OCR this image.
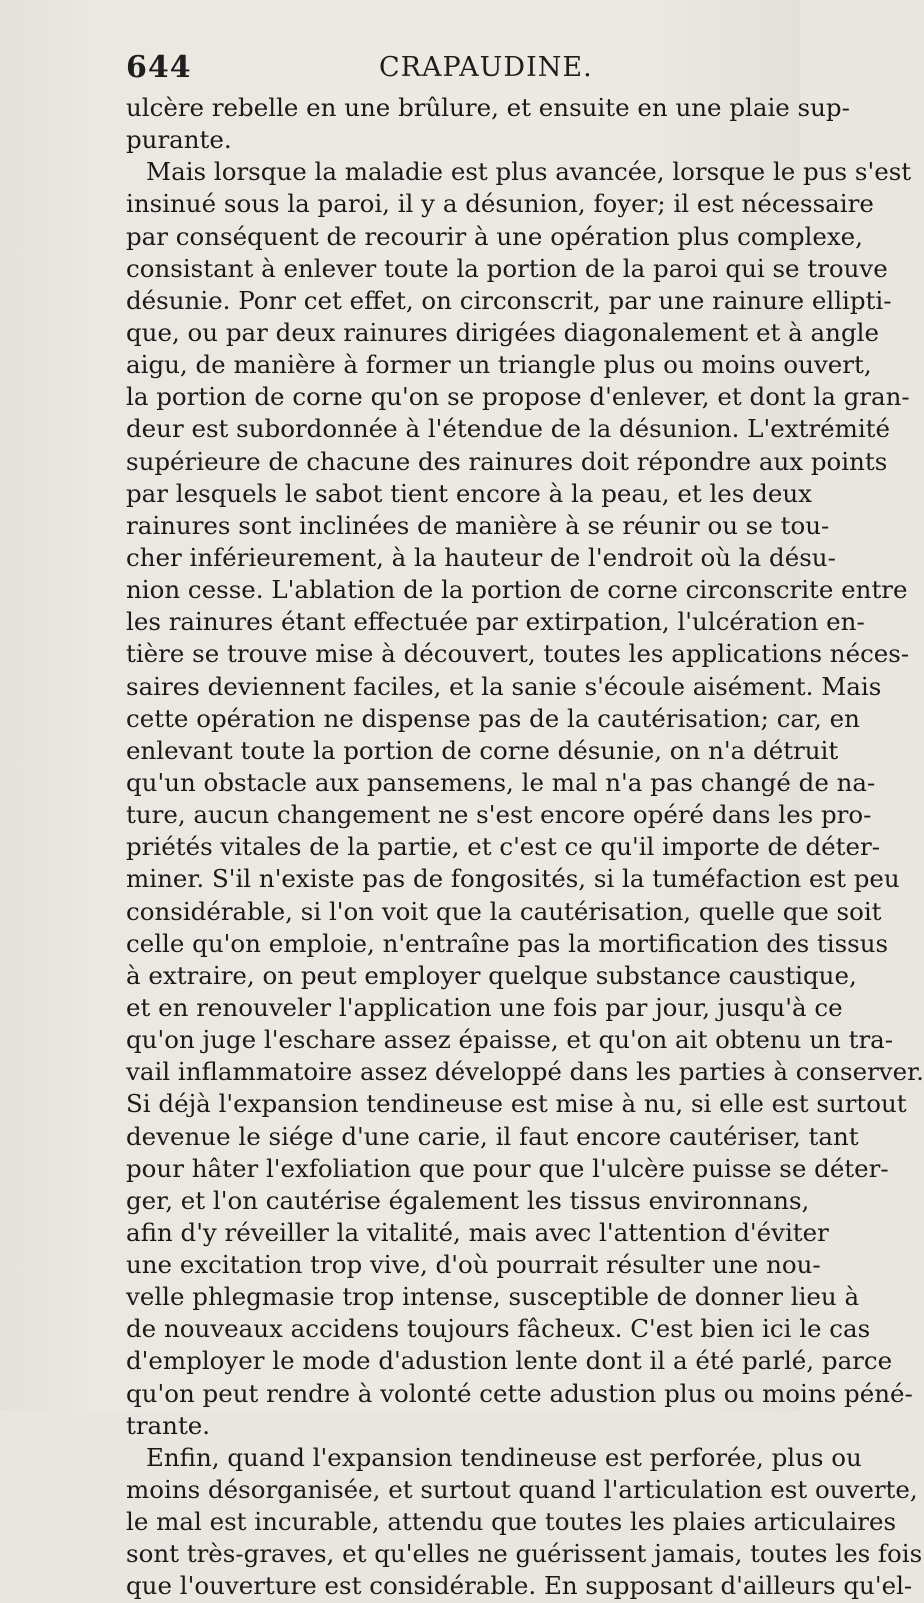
644	CRAPAUDINE.
ulcère rebelle en une brûlure, et ensuite en une plaie sup-
purante.
Mais lorsque la maladie est plus avancée, lorsque le pus s'est
insinué sous la paroi, il y a désunion, foyer; il est nécessaire
par conséquent de recourir à une opération plus complexe,
consistant à enlever toute la portion de la paroi qui se trouve
désunie. Ponr cet effet, on circonscrit, par une rainure ellipti-
que, ou par deux rainures dirigées diagonalement et à angle
aigu, de manière à former un triangle plus ou moins ouvert,
la portion de corne qu'on se propose d'enlever, et dont la gran-
deur est subordonnée à l'étendue de la désunion. L'extrémité
supérieure de chacune des rainures doit répondre aux points
par lesquels le sabot tient encore à la peau, et les deux
rainures sont inclinées de manière à se réunir ou se tou-
cher inférieurement, à la hauteur de l'endroit où la désu-
nion cesse. L'ablation de la portion de corne circonscrite entre
les rainures étant effectuée par extirpation, l'ulcération en-
tière se trouve mise à découvert, toutes les applications néces-
saires deviennent faciles, et la sanie s'écoule aisément. Mais
cette opération ne dispense pas de la cautérisation; car, en
enlevant toute la portion de corne désunie, on n'a détruit
qu'un obstacle aux pansemens, le mal n'a pas changé de na-
ture, aucun changement ne s'est encore opéré dans les pro-
priétés vitales de la partie, et c'est ce qu'il importe de déter-
miner. S'il n'existe pas de fongosités, si la tuméfaction est peu
considérable, si l'on voit que la cautérisation, quelle que soit
celle qu'on emploie, n'entraîne pas la mortification des tissus
à extraire, on peut employer quelque substance caustique,
et en renouveler l'application une fois par jour, jusqu'à ce
qu'on juge l'eschare assez épaisse, et qu'on ait obtenu un tra-
vail inflammatoire assez développé dans les parties à conserver.
Si déjà l'expansion tendineuse est mise à nu, si elle est surtout
devenue le siége d'une carie, il faut encore cautériser, tant
pour hâter l'exfoliation que pour que l'ulcère puisse se déter-
ger, et l'on cautérise également les tissus environnans,
afin d'y réveiller la vitalité, mais avec l'attention d'éviter
une excitation trop vive, d'où pourrait résulter une nou-
velle phlegmasie trop intense, susceptible de donner lieu à
de nouveaux accidens toujours fâcheux. C'est bien ici le cas
d'employer le mode d'adustion lente dont il a été parlé, parce
qu'on peut rendre à volonté cette adustion plus ou moins péné-
trante.
Enfin, quand l'expansion tendineuse est perforée, plus ou
moins désorganisée, et surtout quand l'articulation est ouverte,
le mal est incurable, attendu que toutes les plaies articulaires
sont très-graves, et qu'elles ne guérissent jamais, toutes les fois
que l'ouverture est considérable. En supposant d'ailleurs qu'el-
